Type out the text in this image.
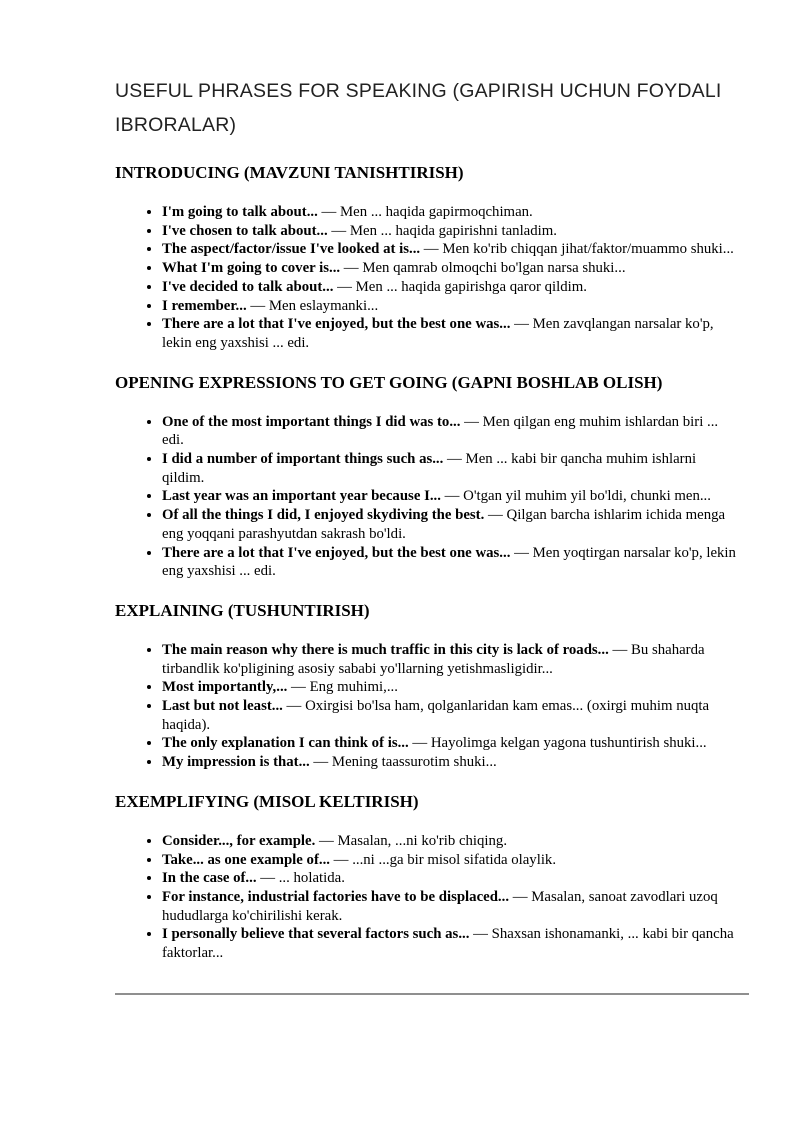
USEFUL PHRASES FOR SPEAKING (GAPIRISH UCHUN FOYDALI IBRORALAR)
INTRODUCING (MAVZUNI TANISHTIRISH)
• I'm going to talk about... — Men ... haqida gapirmoqchiman.
• I've chosen to talk about... — Men ... haqida gapirishni tanladim.
• The aspect/factor/issue I've looked at is... — Men ko'rib chiqqan jihat/faktor/muammo shuki...
• What I'm going to cover is... — Men qamrab olmoqchi bo'lgan narsa shuki...
• I've decided to talk about... — Men ... haqida gapirishga qaror qildim.
• I remember... — Men eslaymanki...
• There are a lot that I've enjoyed, but the best one was... — Men zavqlangan narsalar ko'p, lekin eng yaxshisi ... edi.
OPENING EXPRESSIONS TO GET GOING (GAPNI BOSHLAB OLISH)
• One of the most important things I did was to... — Men qilgan eng muhim ishlardan biri ... edi.
• I did a number of important things such as... — Men ... kabi bir qancha muhim ishlarni qildim.
• Last year was an important year because I... — O'tgan yil muhim yil bo'ldi, chunki men...
• Of all the things I did, I enjoyed skydiving the best. — Qilgan barcha ishlarim ichida menga eng yoqqani parashyutdan sakrash bo'ldi.
• There are a lot that I've enjoyed, but the best one was... — Men yoqtirgan narsalar ko'p, lekin eng yaxshisi ... edi.
EXPLAINING (TUSHUNTIRISH)
• The main reason why there is much traffic in this city is lack of roads... — Bu shaharda tirbandlik ko'pligining asosiy sababi yo'llarning yetishmasligidir...
• Most importantly,... — Eng muhimi,...
• Last but not least... — Oxirgisi bo'lsa ham, qolganlaridan kam emas... (oxirgi muhim nuqta haqida).
• The only explanation I can think of is... — Hayolimga kelgan yagona tushuntirish shuki...
• My impression is that... — Mening taassurotim shuki...
EXEMPLIFYING (MISOL KELTIRISH)
• Consider..., for example. — Masalan, ...ni ko'rib chiqing.
• Take... as one example of... — ...ni ...ga bir misol sifatida olaylik.
• In the case of... — ... holatida.
• For instance, industrial factories have to be displaced... — Masalan, sanoat zavodlari uzoq hududlarga ko'chirilishi kerak.
• I personally believe that several factors such as... — Shaxsan ishonamanki, ... kabi bir qancha faktorlar...
